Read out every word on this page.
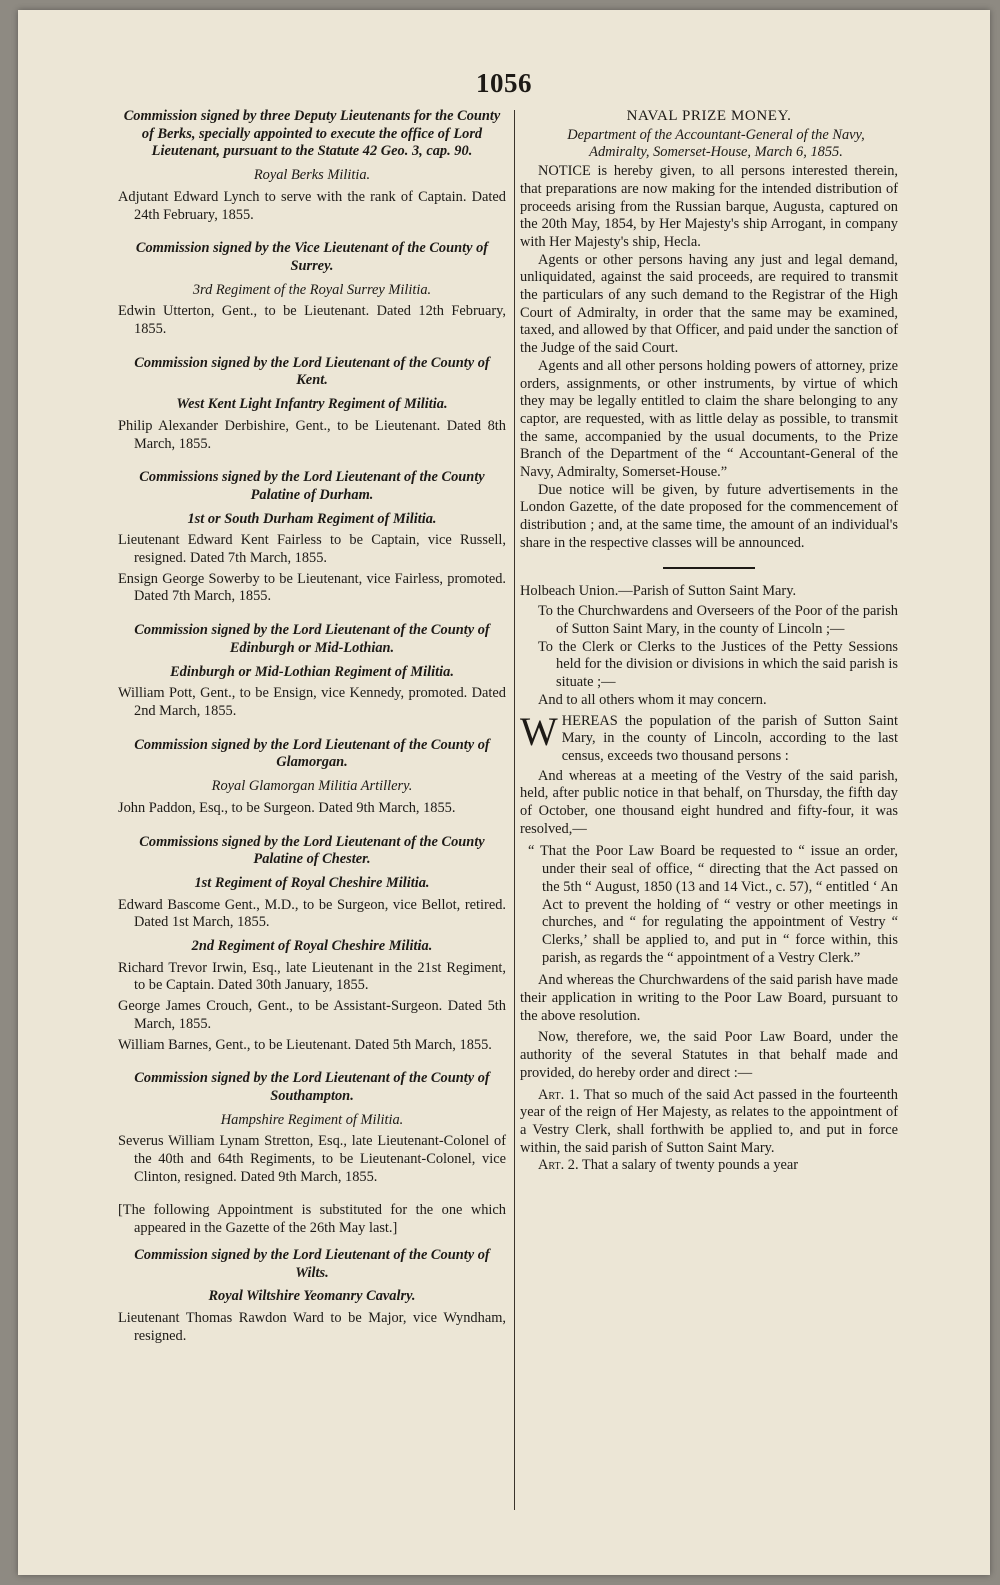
1056

Commission signed by three Deputy Lieutenants for the County of Berks, specially appointed to execute the office of Lord Lieutenant, pursuant to the Statute 42 Geo. 3, cap. 90.

Royal Berks Militia.

Adjutant Edward Lynch to serve with the rank of Captain. Dated 24th February, 1855.

Commission signed by the Vice Lieutenant of the County of Surrey.

3rd Regiment of the Royal Surrey Militia.

Edwin Utterton, Gent., to be Lieutenant. Dated 12th February, 1855.

Commission signed by the Lord Lieutenant of the County of Kent.

West Kent Light Infantry Regiment of Militia.

Philip Alexander Derbishire, Gent., to be Lieutenant. Dated 8th March, 1855.

Commissions signed by the Lord Lieutenant of the County Palatine of Durham.

1st or South Durham Regiment of Militia.

Lieutenant Edward Kent Fairless to be Captain, vice Russell, resigned. Dated 7th March, 1855.

Ensign George Sowerby to be Lieutenant, vice Fairless, promoted. Dated 7th March, 1855.

Commission signed by the Lord Lieutenant of the County of Edinburgh or Mid-Lothian.

Edinburgh or Mid-Lothian Regiment of Militia.

William Pott, Gent., to be Ensign, vice Kennedy, promoted. Dated 2nd March, 1855.

Commission signed by the Lord Lieutenant of the County of Glamorgan.

Royal Glamorgan Militia Artillery.

John Paddon, Esq., to be Surgeon. Dated 9th March, 1855.

Commissions signed by the Lord Lieutenant of the County Palatine of Chester.

1st Regiment of Royal Cheshire Militia.

Edward Bascome Gent., M.D., to be Surgeon, vice Bellot, retired. Dated 1st March, 1855.

2nd Regiment of Royal Cheshire Militia.

Richard Trevor Irwin, Esq., late Lieutenant in the 21st Regiment, to be Captain. Dated 30th January, 1855.

George James Crouch, Gent., to be Assistant-Surgeon. Dated 5th March, 1855.

William Barnes, Gent., to be Lieutenant. Dated 5th March, 1855.

Commission signed by the Lord Lieutenant of the County of Southampton.

Hampshire Regiment of Militia.

Severus William Lynam Stretton, Esq., late Lieutenant-Colonel of the 40th and 64th Regiments, to be Lieutenant-Colonel, vice Clinton, resigned. Dated 9th March, 1855.

[The following Appointment is substituted for the one which appeared in the Gazette of the 26th May last.]

Commission signed by the Lord Lieutenant of the County of Wilts.

Royal Wiltshire Yeomanry Cavalry.

Lieutenant Thomas Rawdon Ward to be Major, vice Wyndham, resigned.

NAVAL PRIZE MONEY.

Department of the Accountant-General of the Navy, Admiralty, Somerset-House, March 6, 1855.

NOTICE is hereby given, to all persons interested therein, that preparations are now making for the intended distribution of proceeds arising from the Russian barque, Augusta, captured on the 20th May, 1854, by Her Majesty's ship Arrogant, in company with Her Majesty's ship, Hecla.

Agents or other persons having any just and legal demand, unliquidated, against the said proceeds, are required to transmit the particulars of any such demand to the Registrar of the High Court of Admiralty, in order that the same may be examined, taxed, and allowed by that Officer, and paid under the sanction of the Judge of the said Court.

Agents and all other persons holding powers of attorney, prize orders, assignments, or other instruments, by virtue of which they may be legally entitled to claim the share belonging to any captor, are requested, with as little delay as possible, to transmit the same, accompanied by the usual documents, to the Prize Branch of the Department of the “ Accountant-General of the Navy, Admiralty, Somerset-House.”

Due notice will be given, by future advertisements in the London Gazette, of the date proposed for the commencement of distribution ; and, at the same time, the amount of an individual's share in the respective classes will be announced.

Holbeach Union.—Parish of Sutton Saint Mary.

To the Churchwardens and Overseers of the Poor of the parish of Sutton Saint Mary, in the county of Lincoln ;—

To the Clerk or Clerks to the Justices of the Petty Sessions held for the division or divisions in which the said parish is situate ;—

And to all others whom it may concern.

WHEREAS the population of the parish of Sutton Saint Mary, in the county of Lincoln, according to the last census, exceeds two thousand persons :

And whereas at a meeting of the Vestry of the said parish, held, after public notice in that behalf, on Thursday, the fifth day of October, one thousand eight hundred and fifty-four, it was resolved,—

“ That the Poor Law Board be requested to “ issue an order, under their seal of office, “ directing that the Act passed on the 5th “ August, 1850 (13 and 14 Vict., c. 57), “ entitled ‘ An Act to prevent the holding of “ vestry or other meetings in churches, and “ for regulating the appointment of Vestry “ Clerks,’ shall be applied to, and put in “ force within, this parish, as regards the “ appointment of a Vestry Clerk.”

And whereas the Churchwardens of the said parish have made their application in writing to the Poor Law Board, pursuant to the above resolution.

Now, therefore, we, the said Poor Law Board, under the authority of the several Statutes in that behalf made and provided, do hereby order and direct :—

Art. 1. That so much of the said Act passed in the fourteenth year of the reign of Her Majesty, as relates to the appointment of a Vestry Clerk, shall forthwith be applied to, and put in force within, the said parish of Sutton Saint Mary.

Art. 2. That a salary of twenty pounds a year
